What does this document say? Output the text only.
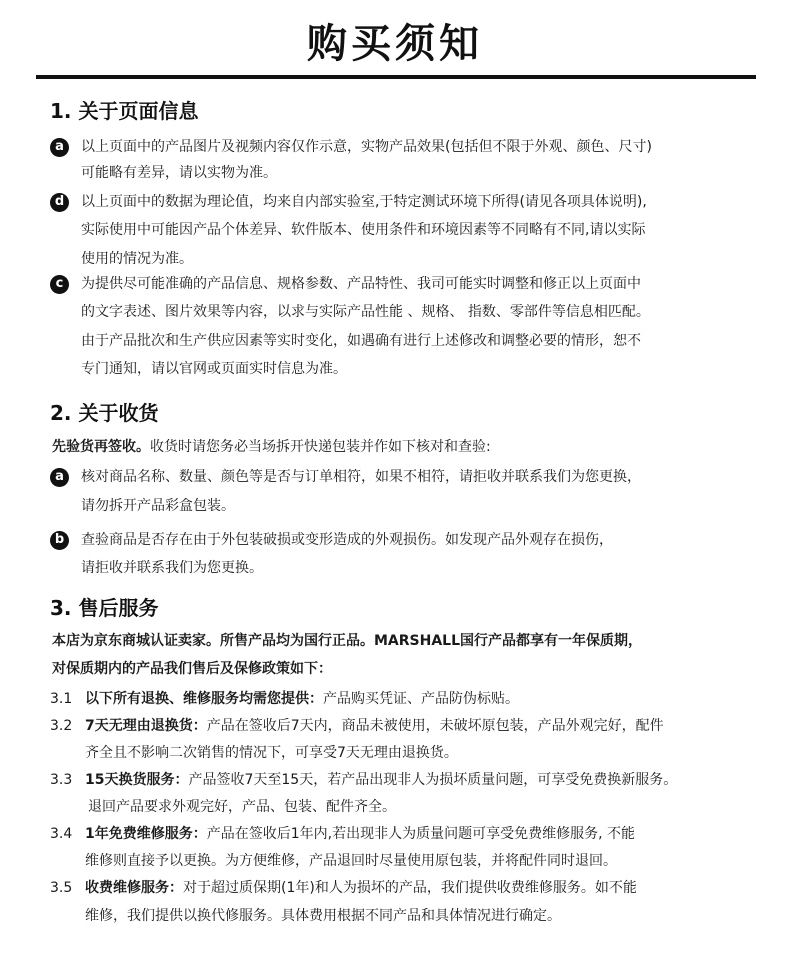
购买须知
1. 关于页面信息
a	以上页面中的产品图片及视频内容仅作示意，实物产品效果(包括但不限于外观、颜色、尺寸)
可能略有差异，请以实物为准。
d	以上页面中的数据为理论值，均来自内部实验室,于特定测试环境下所得(请见各项具体说明),
实际使用中可能因产品个体差异、软件版本、使用条件和环境因素等不同略有不同,请以实际
使用的情况为准。
c	为提供尽可能准确的产品信息、规格参数、产品特性、我司可能实时调整和修正以上页面中
的文字表述、图片效果等内容，以求与实际产品性能 、规格、 指数、零部件等信息相匹配。
由于产品批次和生产供应因素等实时变化，如遇确有进行上述修改和调整必要的情形，恕不
专门通知，请以官网或页面实时信息为准。
2. 关于收货
先验货再签收。收货时请您务必当场拆开快递包装并作如下核对和查验:
a	核对商品名称、数量、颜色等是否与订单相符，如果不相符，请拒收并联系我们为您更换，
请勿拆开产品彩盒包装。
b	查验商品是否存在由于外包装破损或变形造成的外观损伤。如发现产品外观存在损伤，
请拒收并联系我们为您更换。
3. 售后服务
本店为京东商城认证卖家。所售产品均为国行正品。MARSHALL国行产品都享有一年保质期，
对保质期内的产品我们售后及保修政策如下：
3.1 以下所有退换、维修服务均需您提供：产品购买凭证、产品防伪标贴。
3.2 7天无理由退换货：产品在签收后7天内，商品未被使用，未破坏原包装，产品外观完好，配件
齐全且不影响二次销售的情况下，可享受7天无理由退换货。
3.3 15天换货服务：产品签收7天至15天，若产品出现非人为损坏质量问题，可享受免费换新服务。
退回产品要求外观完好，产品、包装、配件齐全。
3.4 1年免费维修服务：产品在签收后1年内,若出现非人为质量问题可享受免费维修服务, 不能
维修则直接予以更换。为方便维修，产品退回时尽量使用原包装，并将配件同时退回。
3.5 收费维修服务：对于超过质保期(1年)和人为损坏的产品，我们提供收费维修服务。如不能
维修，我们提供以换代修服务。具体费用根据不同产品和具体情况进行确定。
